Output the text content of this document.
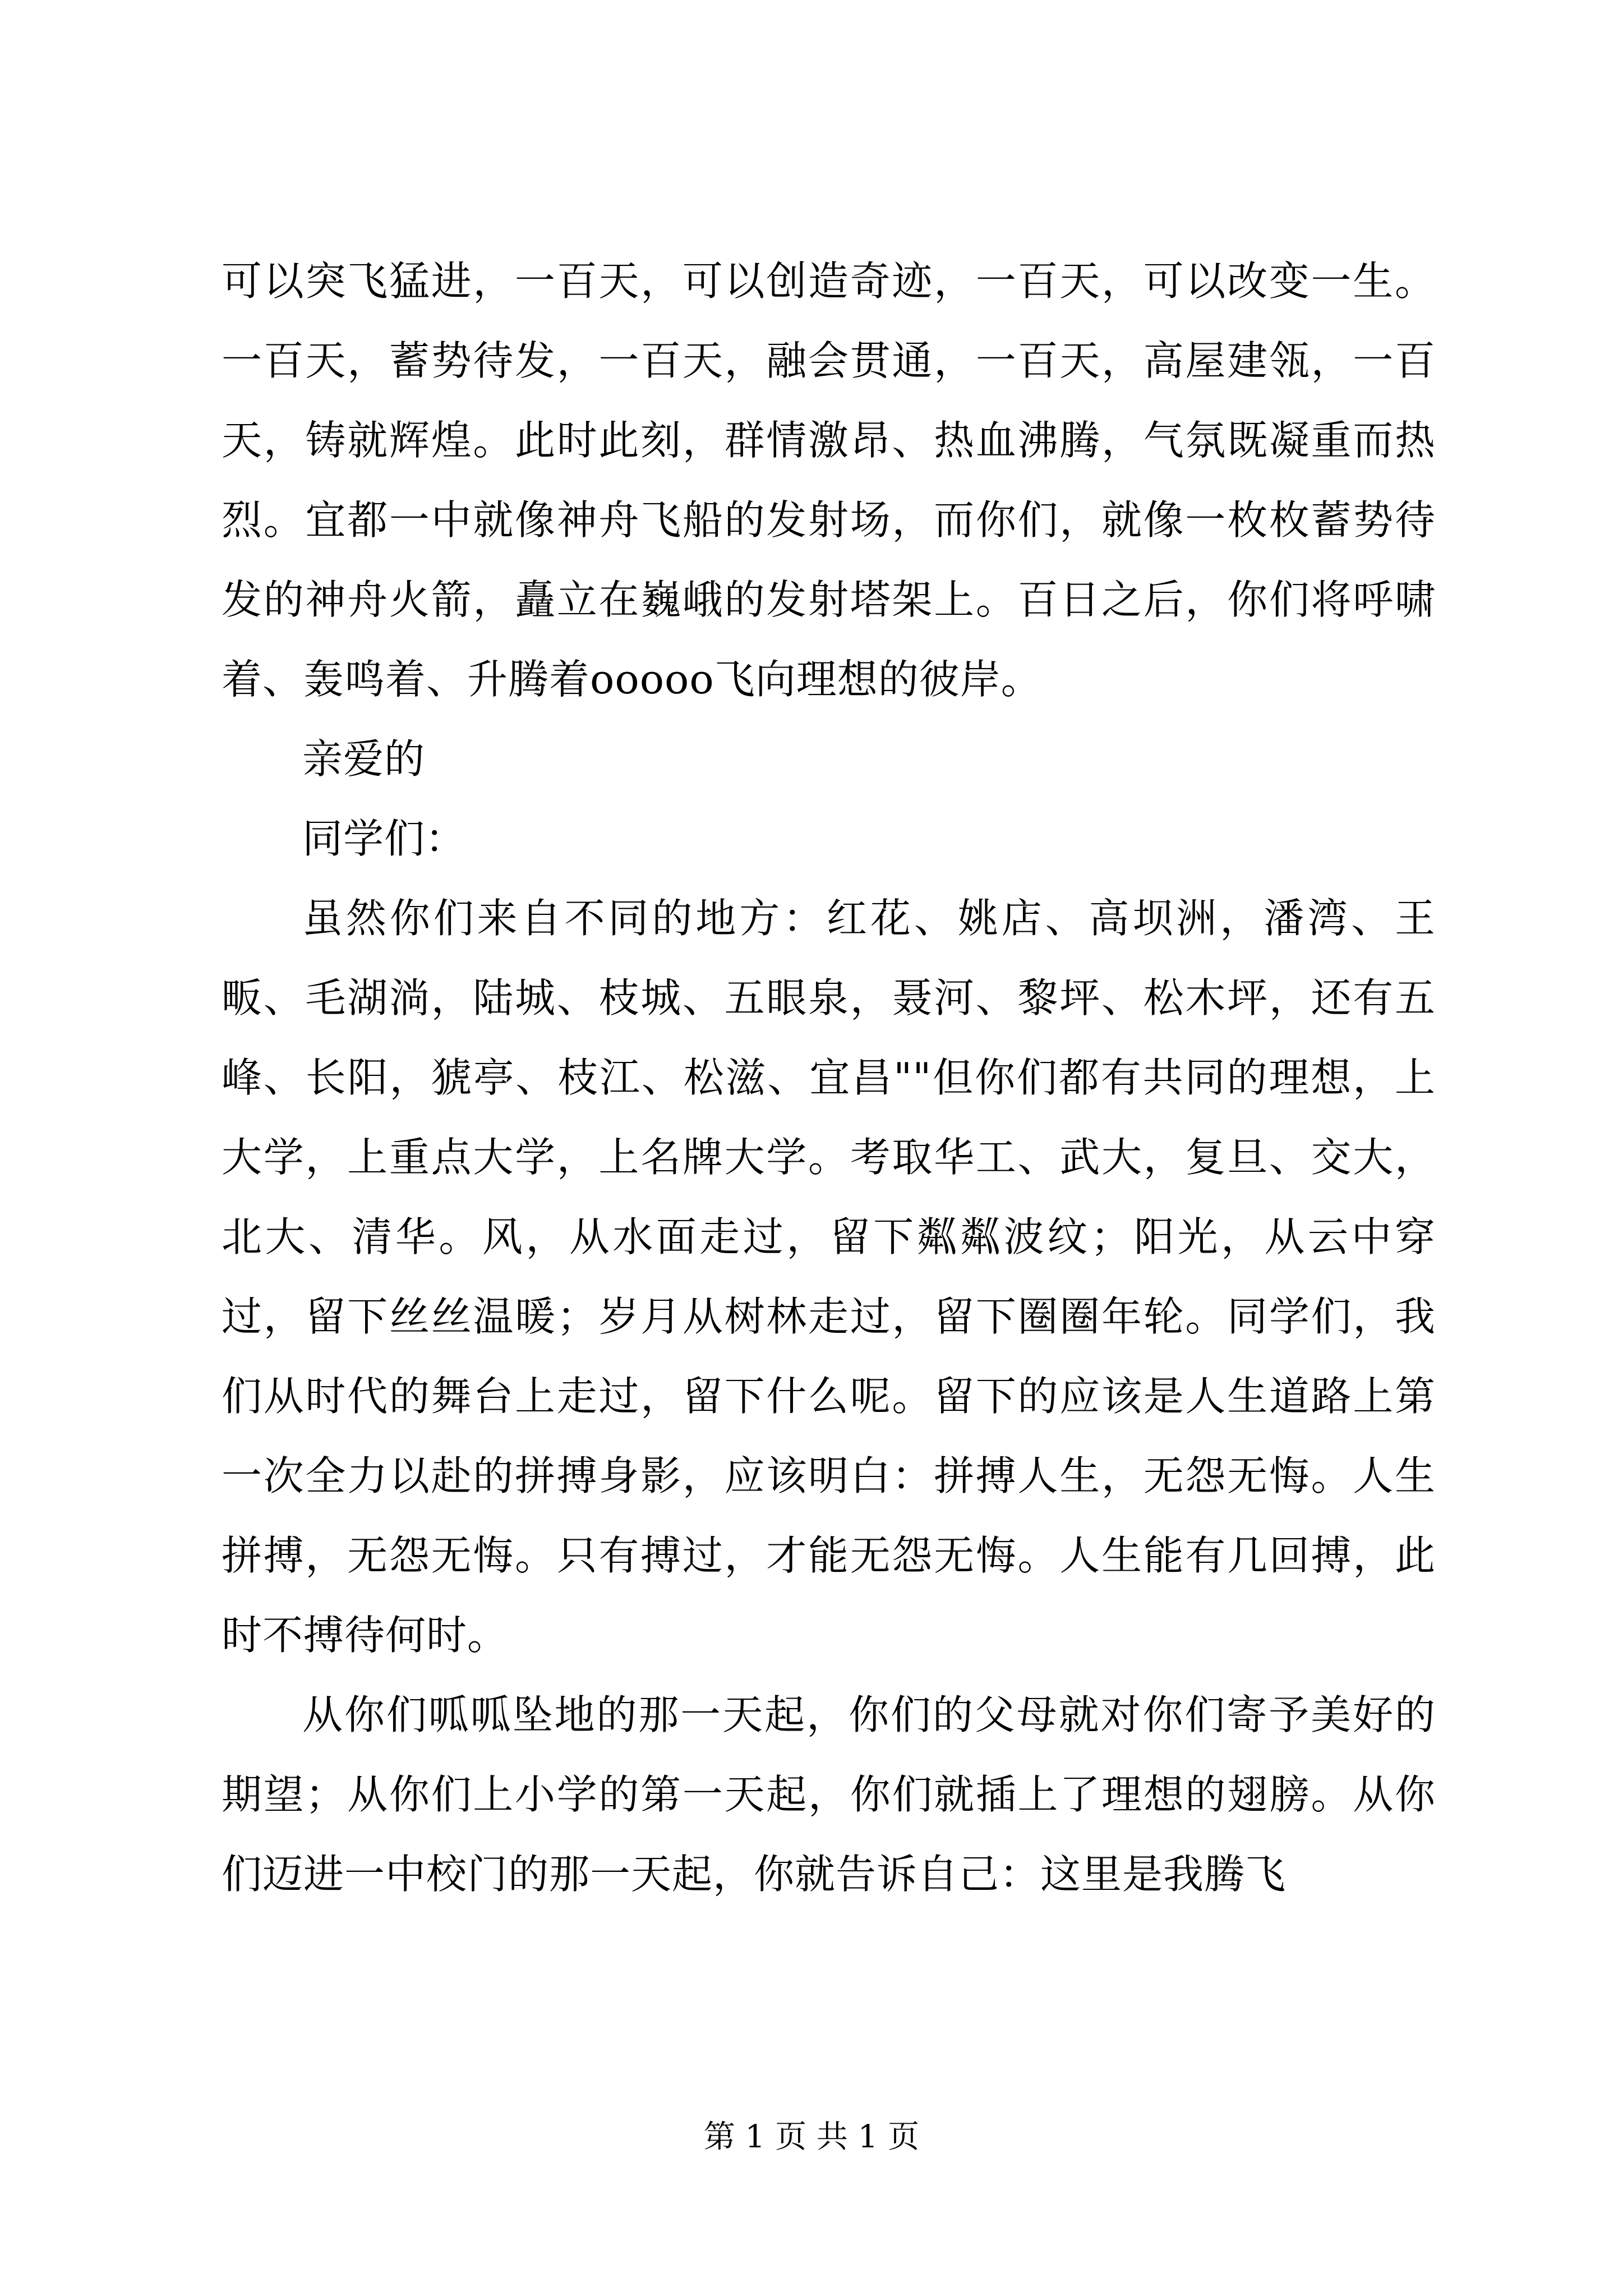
可以突飞猛进，一百天，可以创造奇迹，一百天，可以改变一生。一百天，蓄势待发，一百天，融会贯通，一百天，高屋建瓴，一百天，铸就辉煌。此时此刻，群情激昂、热血沸腾，气氛既凝重而热烈。宜都一中就像神舟飞船的发射场，而你们，就像一枚枚蓄势待发的神舟火箭，矗立在巍峨的发射塔架上。百日之后，你们将呼啸着、轰鸣着、升腾着ooooo飞向理想的彼岸。

亲爱的

同学们：

虽然你们来自不同的地方：红花、姚店、高坝洲，潘湾、王畈、毛湖淌，陆城、枝城、五眼泉，聂河、黎坪、松木坪，还有五峰、长阳，猇亭、枝江、松滋、宜昌""但你们都有共同的理想，上大学，上重点大学，上名牌大学。考取华工、武大，复旦、交大，北大、清华。风，从水面走过，留下粼粼波纹；阳光，从云中穿过，留下丝丝温暖；岁月从树林走过，留下圈圈年轮。同学们，我们从时代的舞台上走过，留下什么呢。留下的应该是人生道路上第一次全力以赴的拼搏身影，应该明白：拼搏人生，无怨无悔。人生拼搏，无怨无悔。只有搏过，才能无怨无悔。人生能有几回搏，此时不搏待何时。

从你们呱呱坠地的那一天起，你们的父母就对你们寄予美好的期望；从你们上小学的第一天起，你们就插上了理想的翅膀。从你们迈进一中校门的那一天起，你就告诉自己：这里是我腾飞

第 1 页 共 1 页
